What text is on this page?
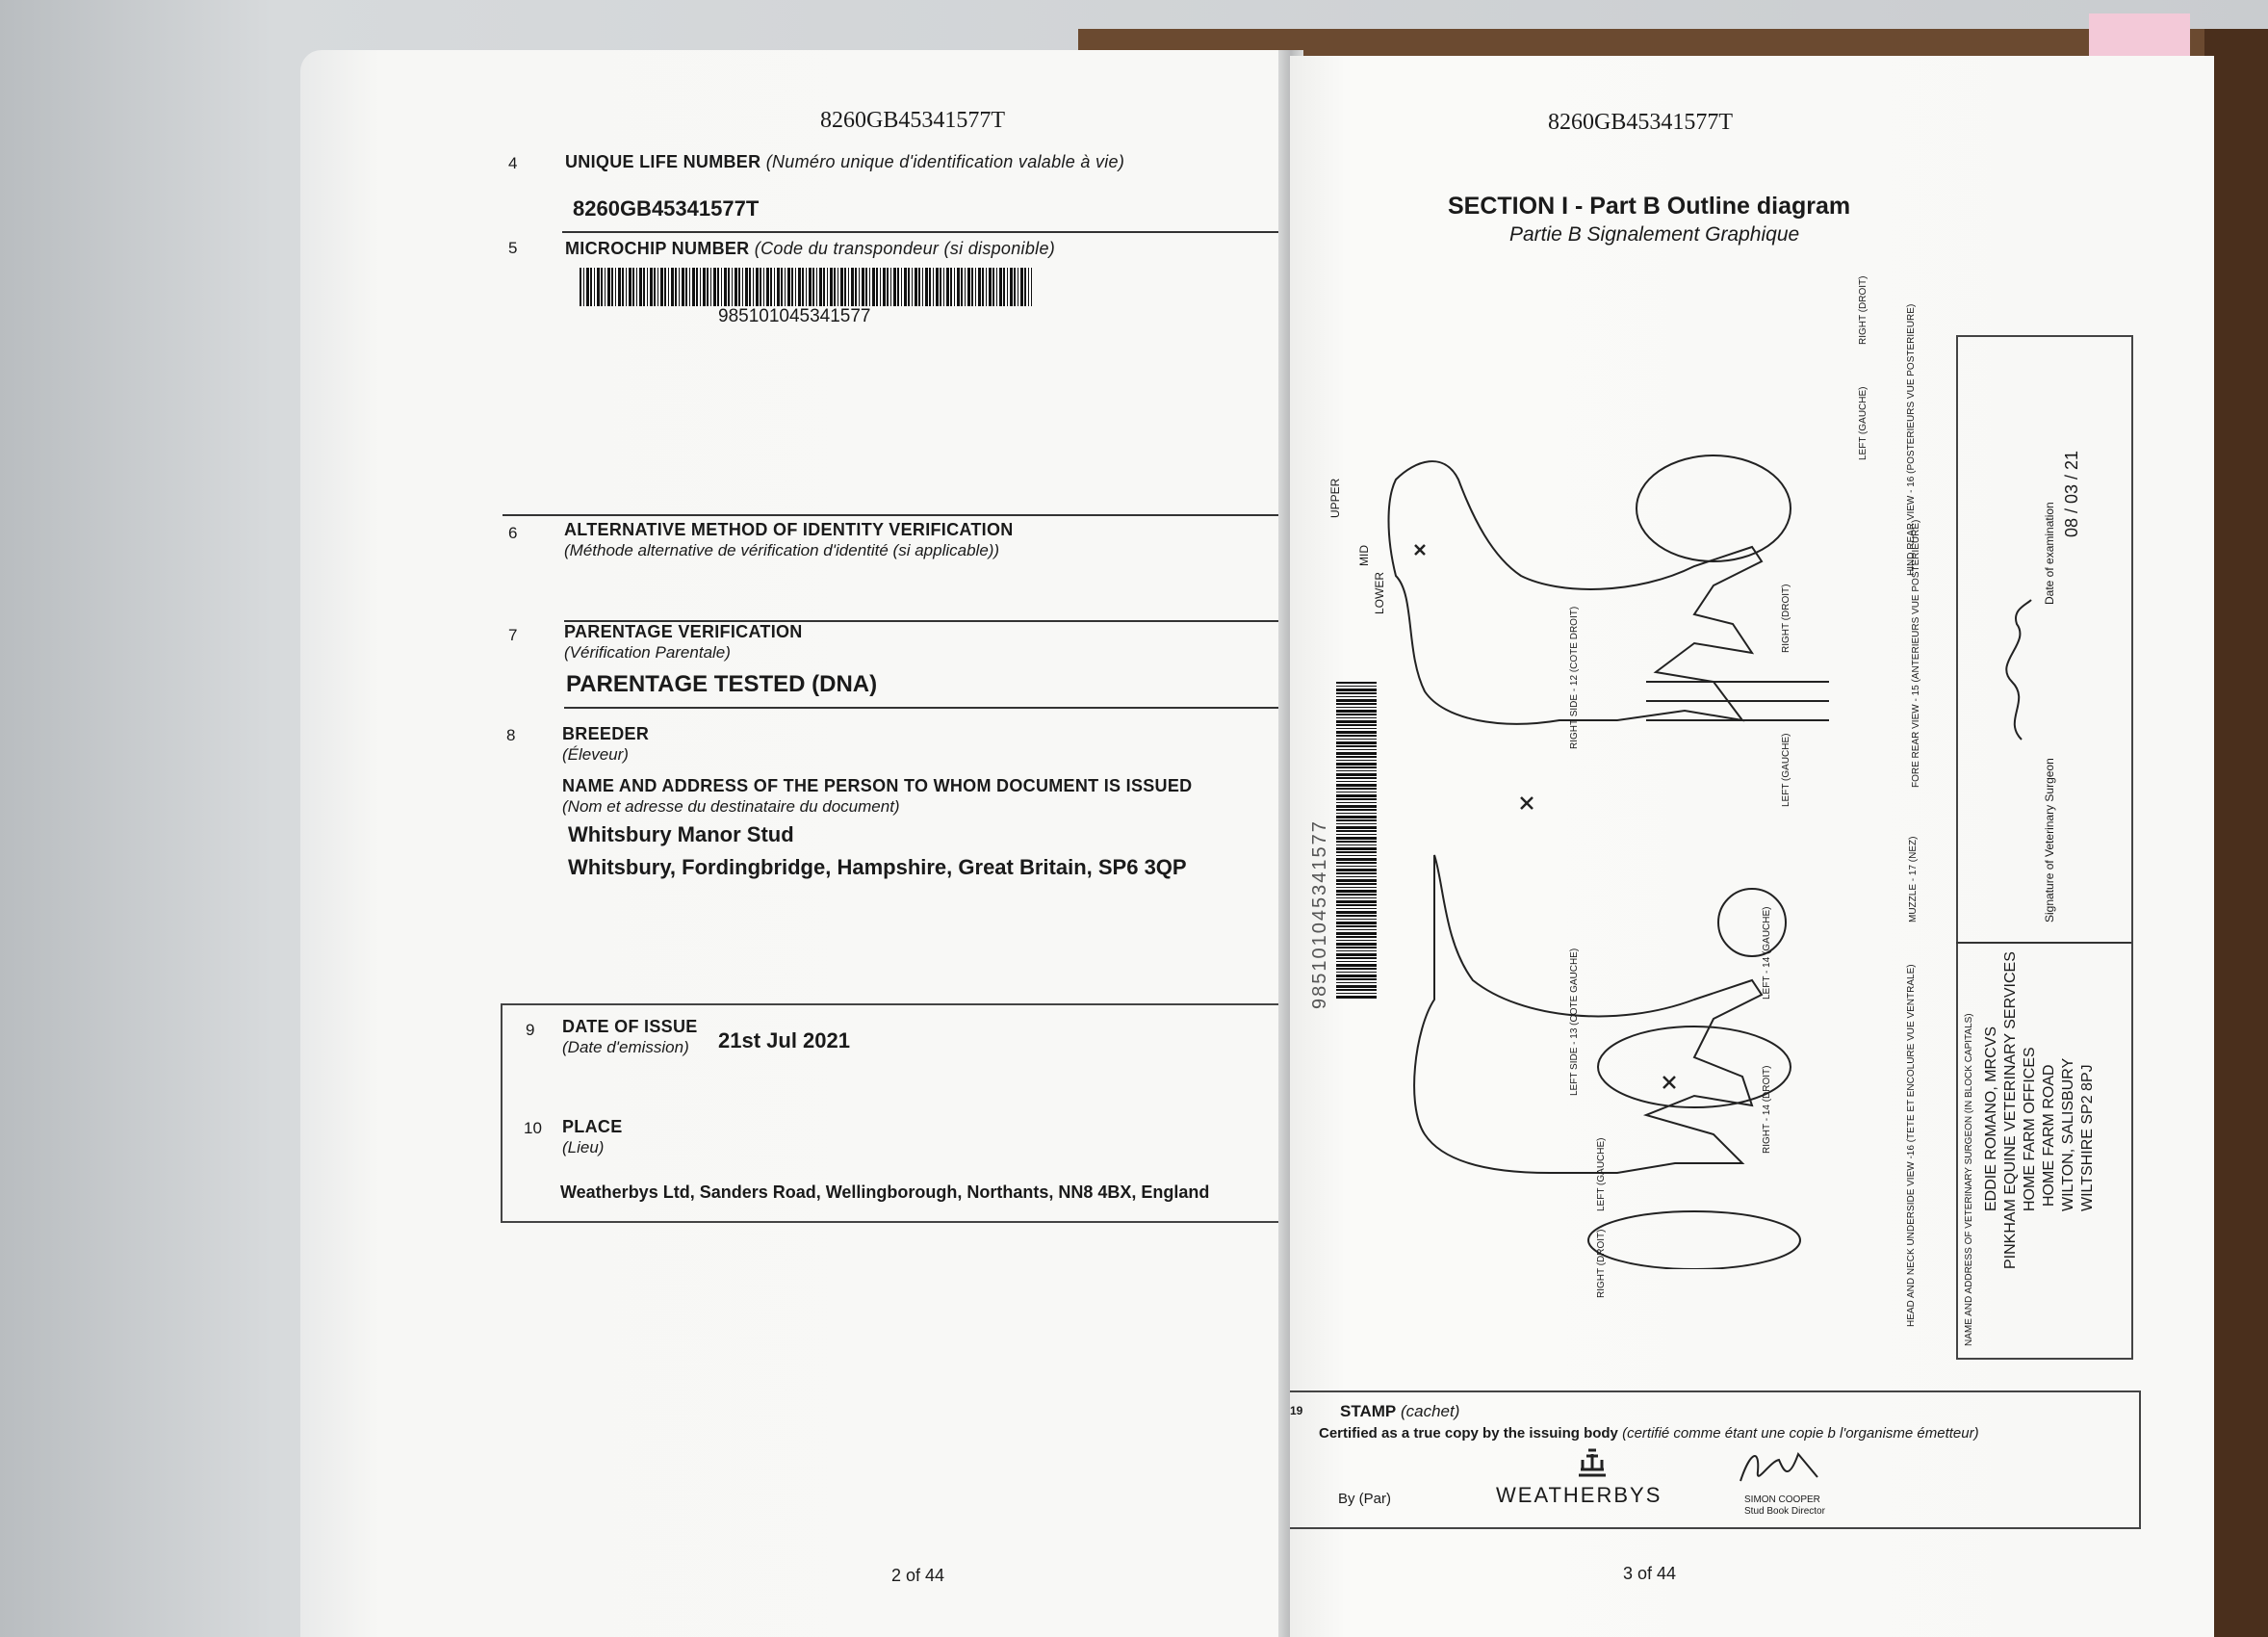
8260GB45341577T
4	UNIQUE LIFE NUMBER (Numéro unique d'identification valable à vie)
8260GB45341577T
5	MICROCHIP NUMBER (Code du transpondeur (si disponible)
985101045341577
6	ALTERNATIVE METHOD OF IDENTITY VERIFICATION
(Méthode alternative de vérification d'identité (si applicable))
7	PARENTAGE VERIFICATION
(Vérification Parentale)
PARENTAGE TESTED (DNA)
8	BREEDER
(Éleveur)
NAME AND ADDRESS OF THE PERSON TO WHOM DOCUMENT IS ISSUED
(Nom et adresse du destinataire du document)
Whitsbury Manor Stud
Whitsbury, Fordingbridge, Hampshire, Great Britain, SP6 3QP
9 DATE OF ISSUE
(Date d'emission) 21st Jul 2021
10 PLACE
(Lieu)
Weatherbys Ltd, Sanders Road, Wellingborough, Northants, NN8 4BX, England
2 of 44
8260GB45341577T
SECTION I - Part B Outline diagram
Partie B Signalement Graphique
UPPER
MID
LOWER
RIGHT SIDE - 12 (COTE DROIT)
LEFT SIDE - 13 (COTE GAUCHE)
HIND REAR VIEW - 16 (POSTERIEURS VUE POSTERIEURE)
FORE REAR VIEW - 15 (ANTERIEURS VUE POSTERIEURE)
MUZZLE - 17 (NEZ)
HEAD AND NECK UNDERSIDE VIEW -16 (TETE ET ENCOLURE VUE VENTRALE)
LEFT (GAUCHE)
RIGHT (DROIT)
RIGHT (DROIT)
LEFT (GAUCHE)
LEFT - 14 (GAUCHE)
RIGHT - 14 (DROIT)
LEFT (GAUCHE)
RIGHT (DROIT)
985101045341577
NAME AND ADDRESS OF VETERINARY SURGEON (IN BLOCK CAPITALS) EDDIE ROMANO, MRCVS PINKHAM EQUINE VETERINARY SERVICES HOME FARM OFFICES HOME FARM ROAD WILTON, SALISBURY WILTSHIRE SP2 8PJ
Signature of Veterinary Surgeon
Date of examination
08 / 03 / 21
19 STAMP (cachet)
Certified as a true copy by the issuing body (certifié comme étant une copie b l'organisme émetteur)
By (Par)	WEATHERBYS	SIMON COOPER
Stud Book Director
3 of 44
